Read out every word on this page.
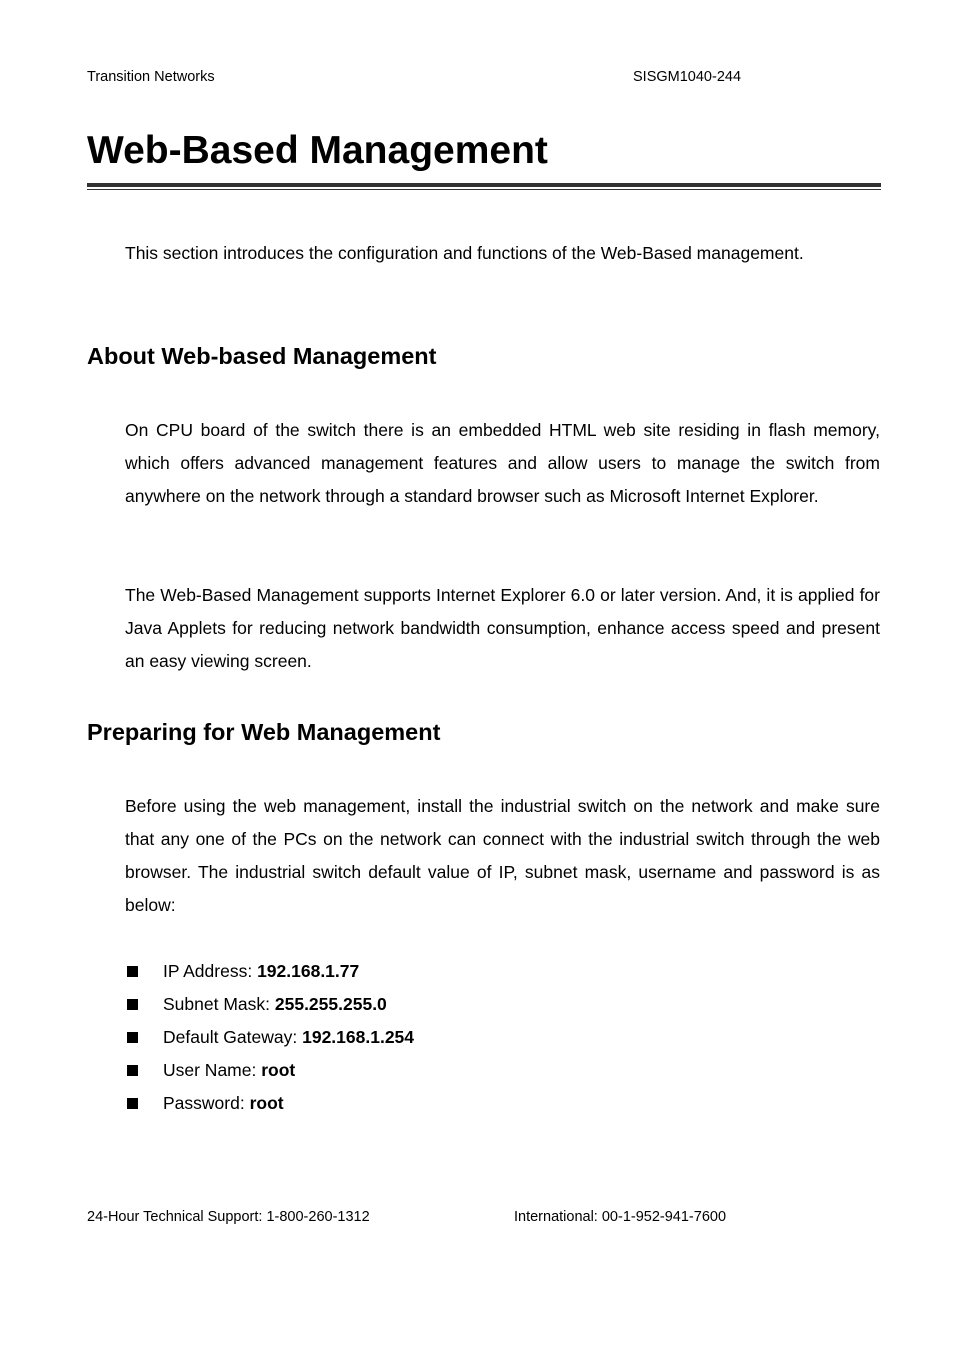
Transition Networks	SISGM1040-244
Web-Based Management
This section introduces the configuration and functions of the Web-Based management.
About Web-based Management

On CPU board of the switch there is an embedded HTML web site residing in flash memory, which offers advanced management features and allow users to manage the switch from anywhere on the network through a standard browser such as Microsoft Internet Explorer.

The Web-Based Management supports Internet Explorer 6.0 or later version. And, it is applied for Java Applets for reducing network bandwidth consumption, enhance access speed and present an easy viewing screen.

Preparing for Web Management

Before using the web management, install the industrial switch on the network and make sure that any one of the PCs on the network can connect with the industrial switch through the web browser. The industrial switch default value of IP, subnet mask, username and password is as below:

IP Address: 192.168.1.77
Subnet Mask: 255.255.255.0
Default Gateway: 192.168.1.254
User Name: root
Password: root
24-Hour Technical Support: 1-800-260-1312	International: 00-1-952-941-7600
